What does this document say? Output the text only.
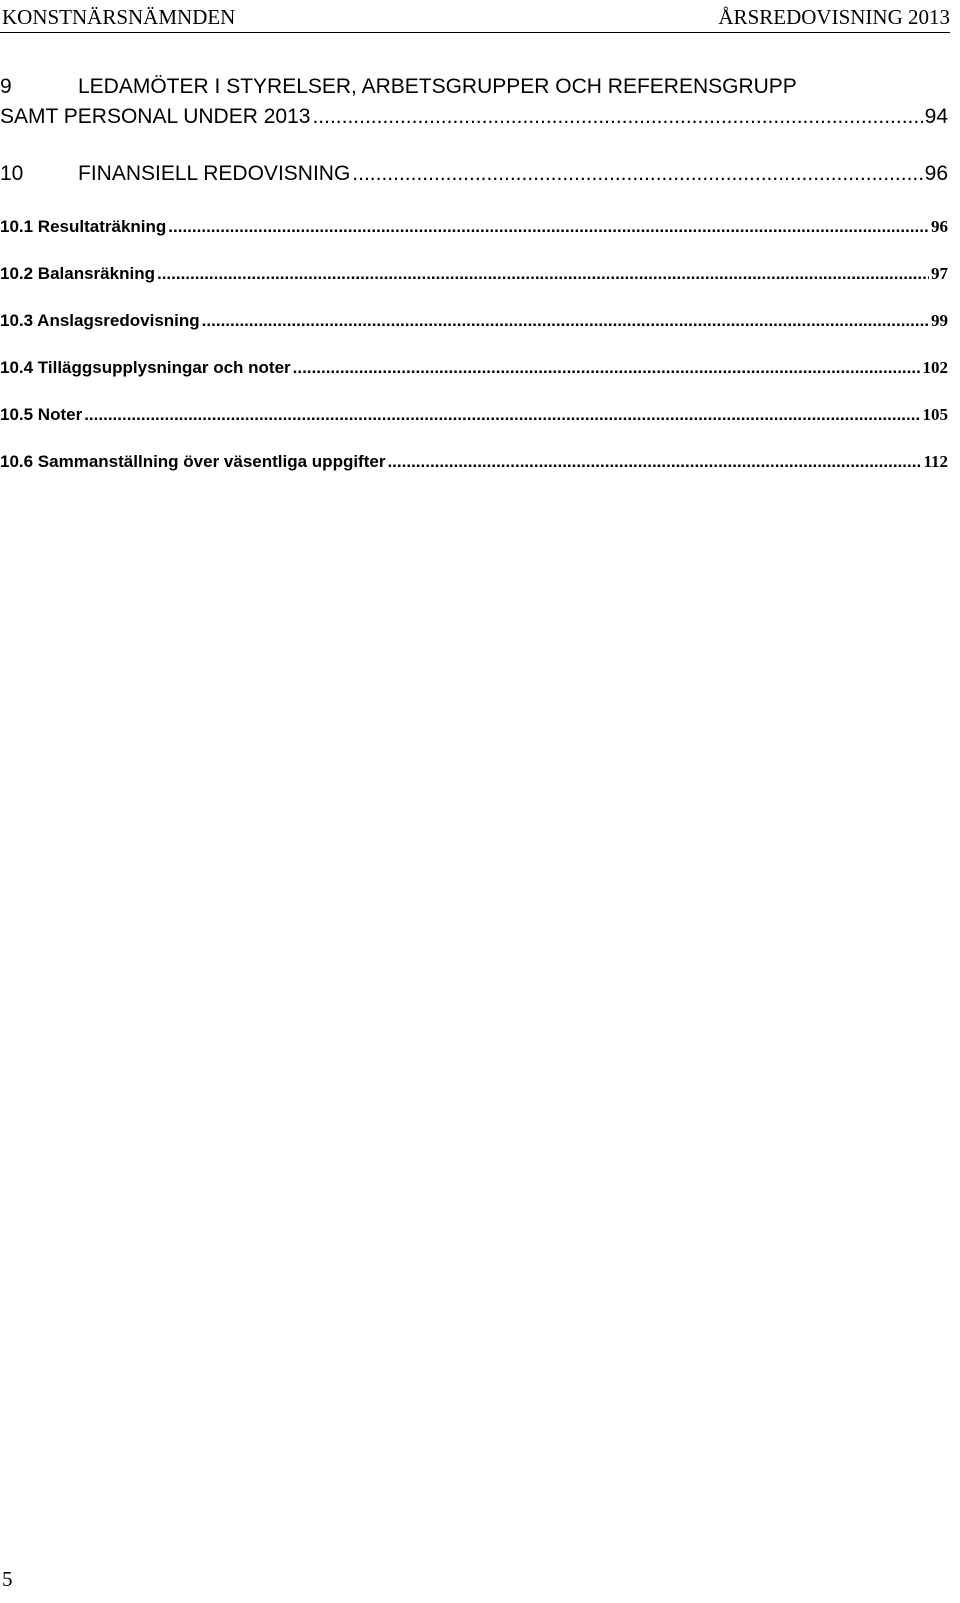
KONSTNÄRSNÄMNDEN	ÅRSREDOVISNING 2013
9	LEDAMÖTER I STYRELSER, ARBETSGRUPPER OCH REFERENSGRUPP
SAMT PERSONAL UNDER 2013 .....	94
10	FINANSIELL REDOVISNING .....	96
10.1 Resultaträkning .....	96
10.2 Balansräkning .....	97
10.3 Anslagsredovisning .....	99
10.4 Tilläggsupplysningar och noter .....	102
10.5 Noter .....	105
10.6 Sammanställning över väsentliga uppgifter .....	112
5
